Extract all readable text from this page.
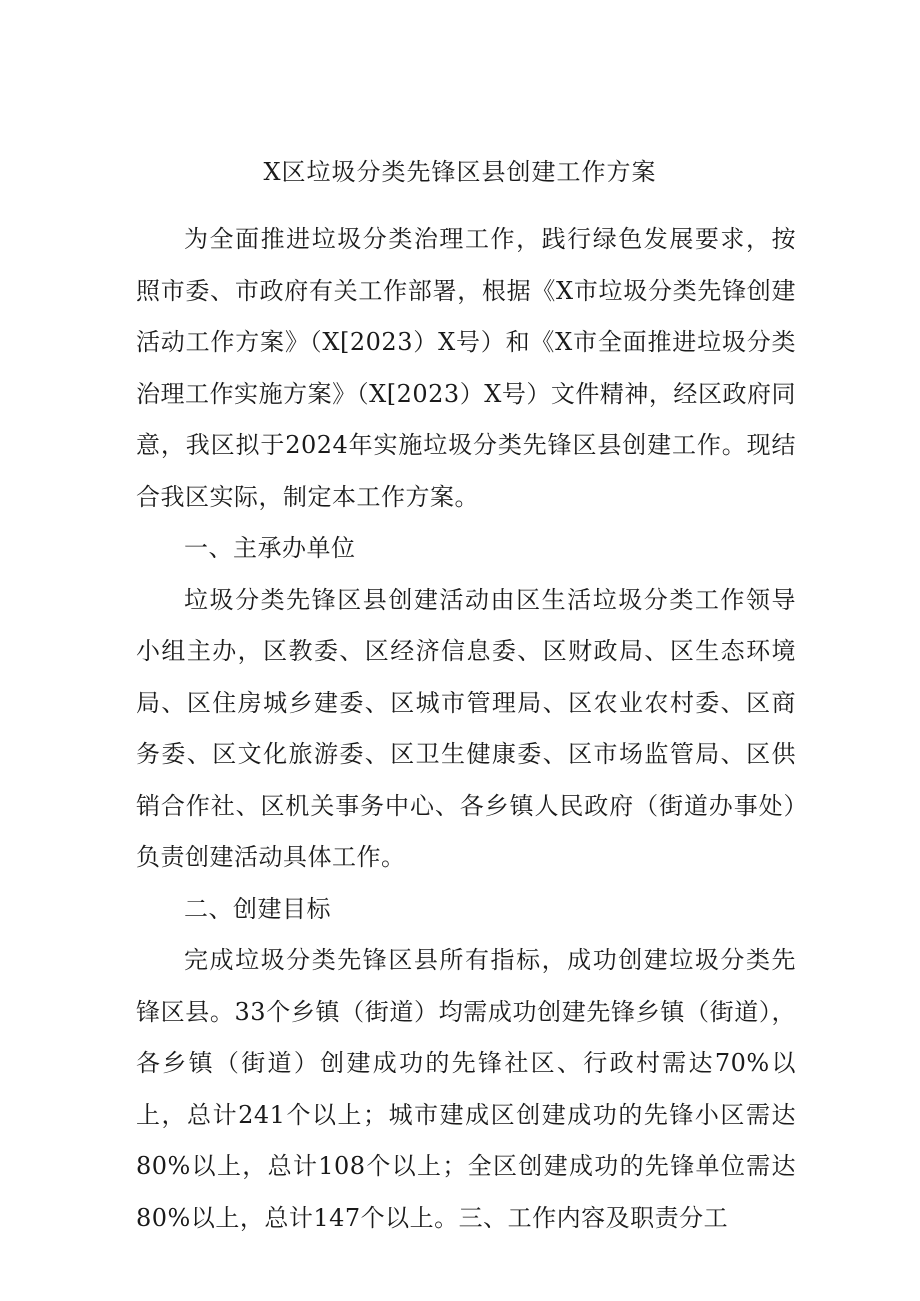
X区垃圾分类先锋区县创建工作方案

为全面推进垃圾分类治理工作，践行绿色发展要求，按照市委、市政府有关工作部署，根据《X市垃圾分类先锋创建活动工作方案》（X[2023）X号）和《X市全面推进垃圾分类治理工作实施方案》（X[2023）X号）文件精神，经区政府同意，我区拟于2024年实施垃圾分类先锋区县创建工作。现结合我区实际，制定本工作方案。

一、主承办单位

垃圾分类先锋区县创建活动由区生活垃圾分类工作领导小组主办，区教委、区经济信息委、区财政局、区生态环境局、区住房城乡建委、区城市管理局、区农业农村委、区商务委、区文化旅游委、区卫生健康委、区市场监管局、区供销合作社、区机关事务中心、各乡镇人民政府（街道办事处）负责创建活动具体工作。

二、创建目标

完成垃圾分类先锋区县所有指标，成功创建垃圾分类先锋区县。33个乡镇（街道）均需成功创建先锋乡镇（街道），各乡镇（街道）创建成功的先锋社区、行政村需达70%以上，总计241个以上；城市建成区创建成功的先锋小区需达80%以上，总计108个以上；全区创建成功的先锋单位需达80%以上，总计147个以上。三、工作内容及职责分工
